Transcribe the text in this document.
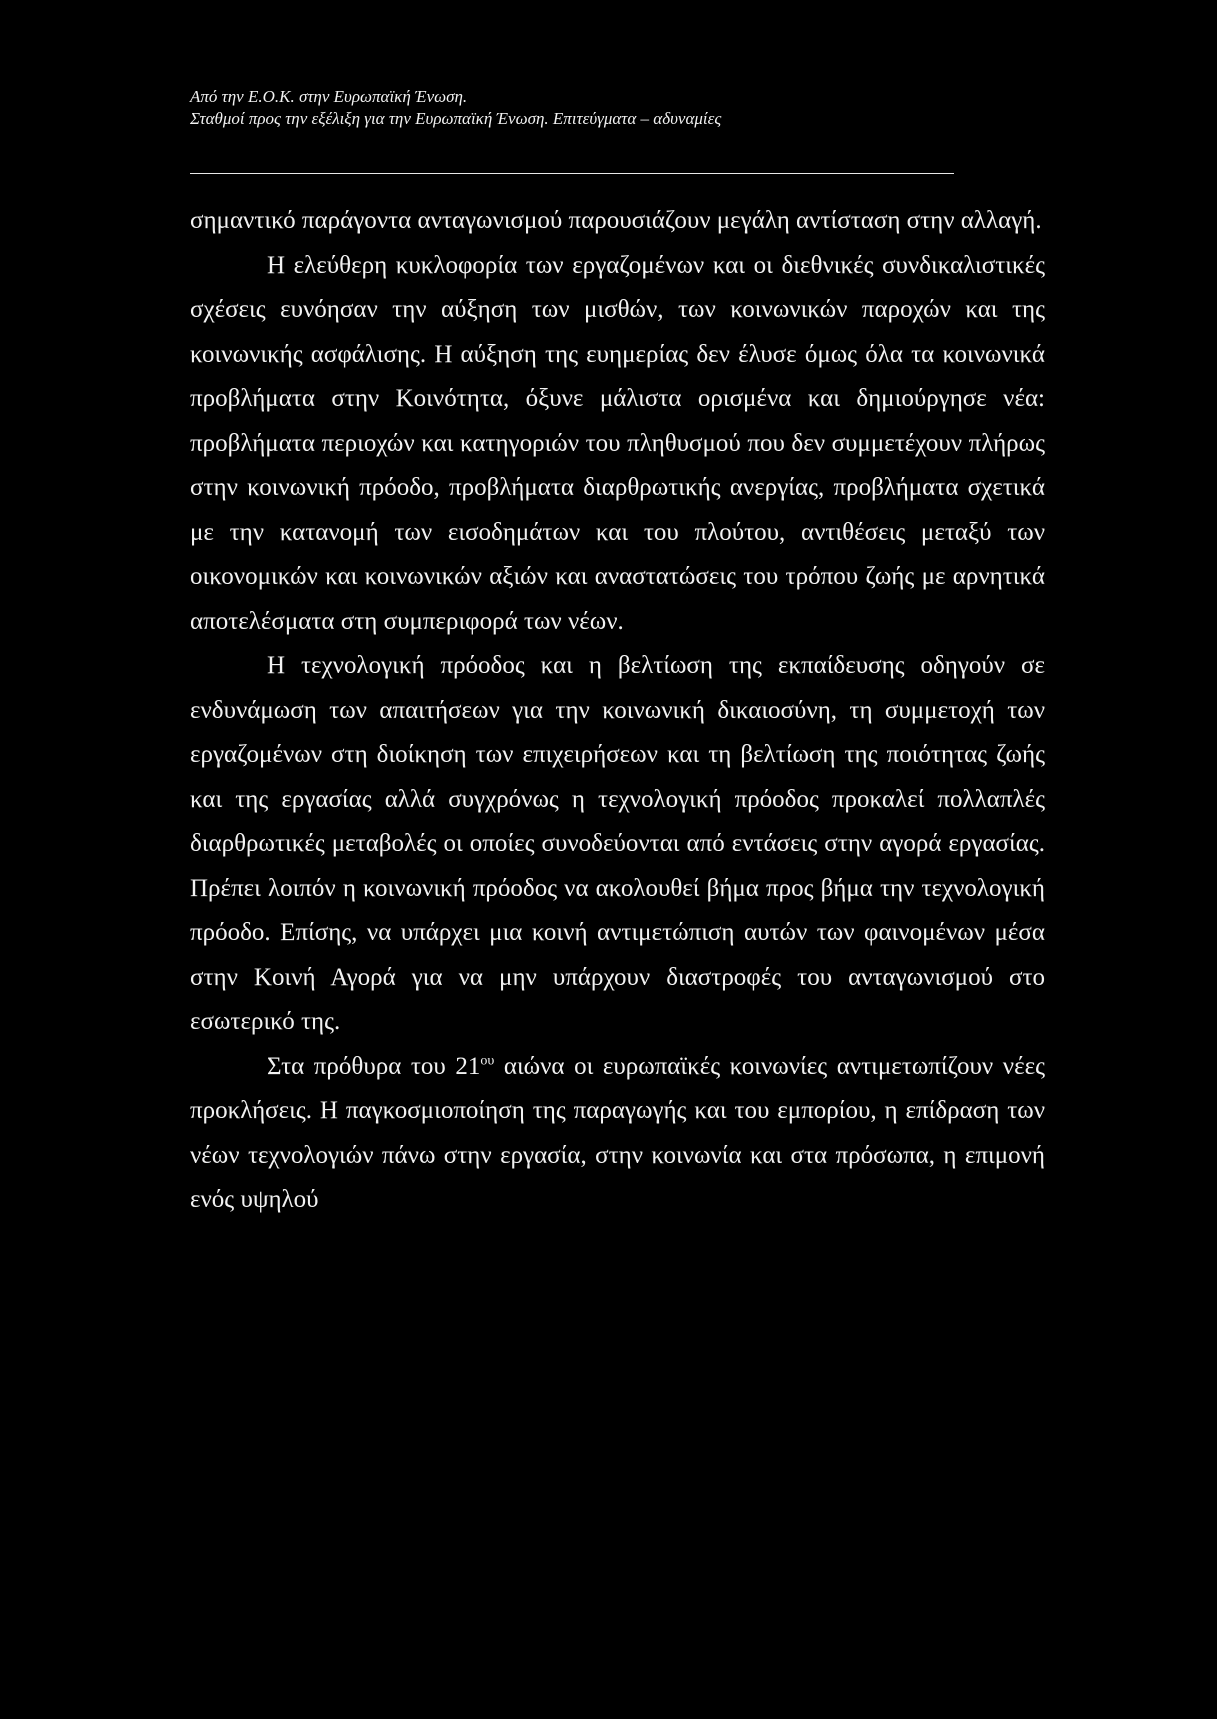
Από την Ε.Ο.Κ. στην Ευρωπαϊκή Ένωση.
Σταθμοί προς την εξέλιξη για την Ευρωπαϊκή Ένωση. Επιτεύγματα – αδυναμίες

σημαντικό παράγοντα ανταγωνισμού παρουσιάζουν μεγάλη αντίσταση στην αλλαγή.

Η ελεύθερη κυκλοφορία των εργαζομένων και οι διεθνικές συνδικαλιστικές σχέσεις ευνόησαν την αύξηση των μισθών, των κοινωνικών παροχών και της κοινωνικής ασφάλισης. Η αύξηση της ευημερίας δεν έλυσε όμως όλα τα κοινωνικά προβλήματα στην Κοινότητα, όξυνε μάλιστα ορισμένα και δημιούργησε νέα: προβλήματα περιοχών και κατηγοριών του πληθυσμού που δεν συμμετέχουν πλήρως στην κοινωνική πρόοδο, προβλήματα διαρθρωτικής ανεργίας, προβλήματα σχετικά με την κατανομή των εισοδημάτων και του πλούτου, αντιθέσεις μεταξύ των οικονομικών και κοινωνικών αξιών και αναστατώσεις του τρόπου ζωής με αρνητικά αποτελέσματα στη συμπεριφορά των νέων.

Η τεχνολογική πρόοδος και η βελτίωση της εκπαίδευσης οδηγούν σε ενδυνάμωση των απαιτήσεων για την κοινωνική δικαιοσύνη, τη συμμετοχή των εργαζομένων στη διοίκηση των επιχειρήσεων και τη βελτίωση της ποιότητας ζωής και της εργασίας αλλά συγχρόνως η τεχνολογική πρόοδος προκαλεί πολλαπλές διαρθρωτικές μεταβολές οι οποίες συνοδεύονται από εντάσεις στην αγορά εργασίας. Πρέπει λοιπόν η κοινωνική πρόοδος να ακολουθεί βήμα προς βήμα την τεχνολογική πρόοδο. Επίσης, να υπάρχει μια κοινή αντιμετώπιση αυτών των φαινομένων μέσα στην Κοινή Αγορά για να μην υπάρχουν διαστροφές του ανταγωνισμού στο εσωτερικό της.

Στα πρόθυρα του $21^{o\upsilon}$ αιώνα οι ευρωπαϊκές κοινωνίες αντιμετωπίζουν νέες προκλήσεις. Η παγκοσμιοποίηση της παραγωγής και του εμπορίου, η επίδραση των νέων τεχνολογιών πάνω στην εργασία, στην κοινωνία και στα πρόσωπα, η επιμονή ενός υψηλού
